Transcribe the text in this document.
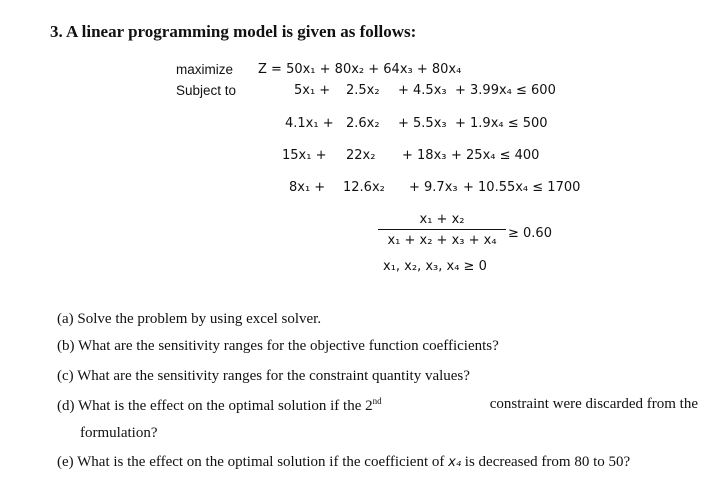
3. A linear programming model is given as follows:
maximize Z = 50x₁ + 80x₂ + 64x₃ + 80x₄
Subject to	5x₁ + 2.5x₂ + 4.5x₃ + 3.99x₄ ≤ 600
4.1x₁ + 2.6x₂ + 5.5x₃ + 1.9x₄ ≤ 500
15x₁ + 22x₂ + 18x₃ + 25x₄ ≤ 400
8x₁ + 12.6x₂ + 9.7x₃ + 10.55x₄ ≤ 1700
x₁ + x₂
x₁ + x₂ + x₃ + x₄ ≥ 0.60
x₁, x₂, x₃, x₄ ≥ 0
(a) Solve the problem by using excel solver.
(b) What are the sensitivity ranges for the objective function coefficients?
(c) What are the sensitivity ranges for the constraint quantity values?
(d) What is the effect on the optimal solution if the 2nd	constraint were discarded from the
formulation?
(e) What is the effect on the optimal solution if the coefficient of x₄ is decreased from 80 to 50?
